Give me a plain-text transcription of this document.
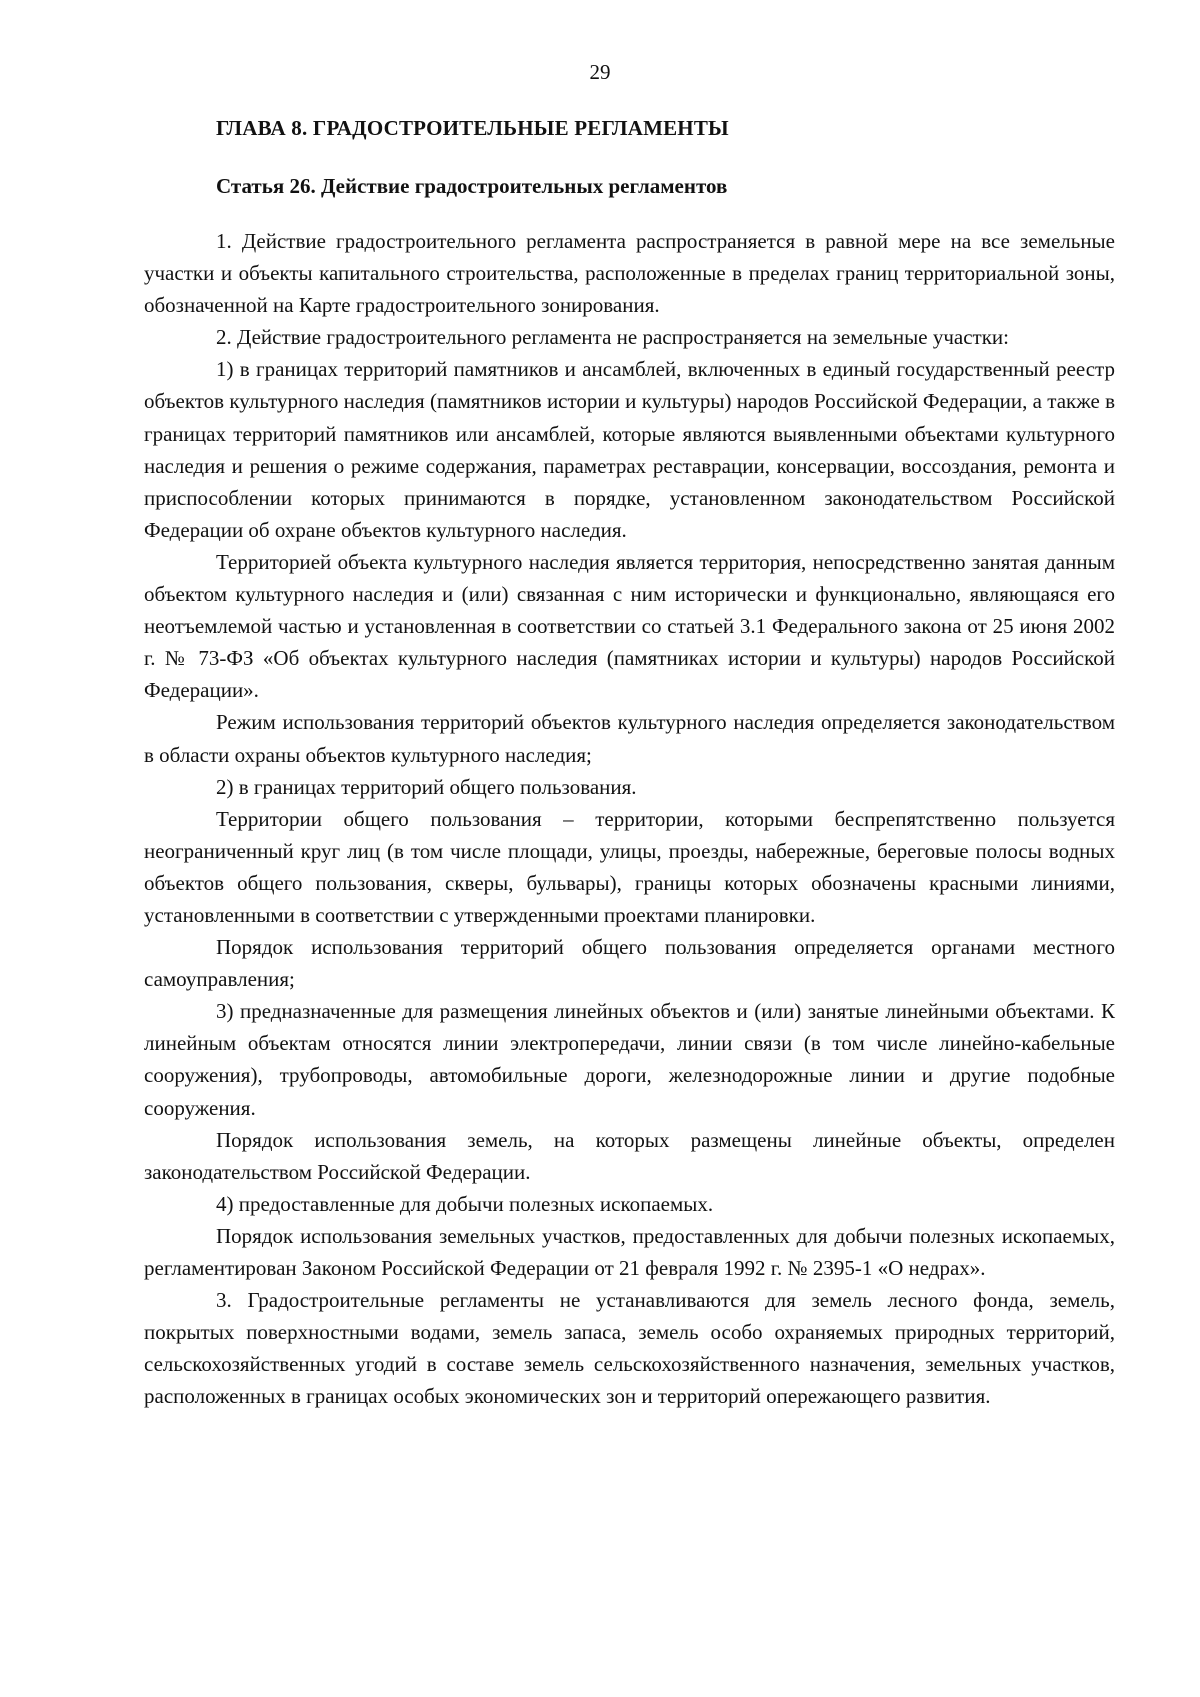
29
ГЛАВА 8. ГРАДОСТРОИТЕЛЬНЫЕ РЕГЛАМЕНТЫ
Статья 26. Действие градостроительных регламентов

1. Действие градостроительного регламента распространяется в равной мере на все земельные участки и объекты капитального строительства, расположенные в пределах границ территориальной зоны, обозначенной на Карте градостроительного зонирования.

2. Действие градостроительного регламента не распространяется на земельные участки:

1) в границах территорий памятников и ансамблей, включенных в единый государственный реестр объектов культурного наследия (памятников истории и культуры) народов Российской Федерации, а также в границах территорий памятников или ансамблей, которые являются выявленными объектами культурного наследия и решения о режиме содержания, параметрах реставрации, консервации, воссоздания, ремонта и приспособлении которых принимаются в порядке, установленном законодательством Российской Федерации об охране объектов культурного наследия.

Территорией объекта культурного наследия является территория, непосредственно занятая данным объектом культурного наследия и (или) связанная с ним исторически и функционально, являющаяся его неотъемлемой частью и установленная в соответствии со статьей 3.1 Федерального закона от 25 июня 2002 г. № 73-ФЗ «Об объектах культурного наследия (памятниках истории и культуры) народов Российской Федерации».

Режим использования территорий объектов культурного наследия определяется законодательством в области охраны объектов культурного наследия;

2) в границах территорий общего пользования.

Территории общего пользования – территории, которыми беспрепятственно пользуется неограниченный круг лиц (в том числе площади, улицы, проезды, набережные, береговые полосы водных объектов общего пользования, скверы, бульвары), границы которых обозначены красными линиями, установленными в соответствии с утвержденными проектами планировки.

Порядок использования территорий общего пользования определяется органами местного самоуправления;

3) предназначенные для размещения линейных объектов и (или) занятые линейными объектами. К линейным объектам относятся линии электропередачи, линии связи (в том числе линейно-кабельные сооружения), трубопроводы, автомобильные дороги, железнодорожные линии и другие подобные сооружения.

Порядок использования земель, на которых размещены линейные объекты, определен законодательством Российской Федерации.

4) предоставленные для добычи полезных ископаемых.

Порядок использования земельных участков, предоставленных для добычи полезных ископаемых, регламентирован Законом Российской Федерации от 21 февраля 1992 г. № 2395-1 «О недрах».

3. Градостроительные регламенты не устанавливаются для земель лесного фонда, земель, покрытых поверхностными водами, земель запаса, земель особо охраняемых природных территорий, сельскохозяйственных угодий в составе земель сельскохозяйственного назначения, земельных участков, расположенных в границах особых экономических зон и территорий опережающего развития.
